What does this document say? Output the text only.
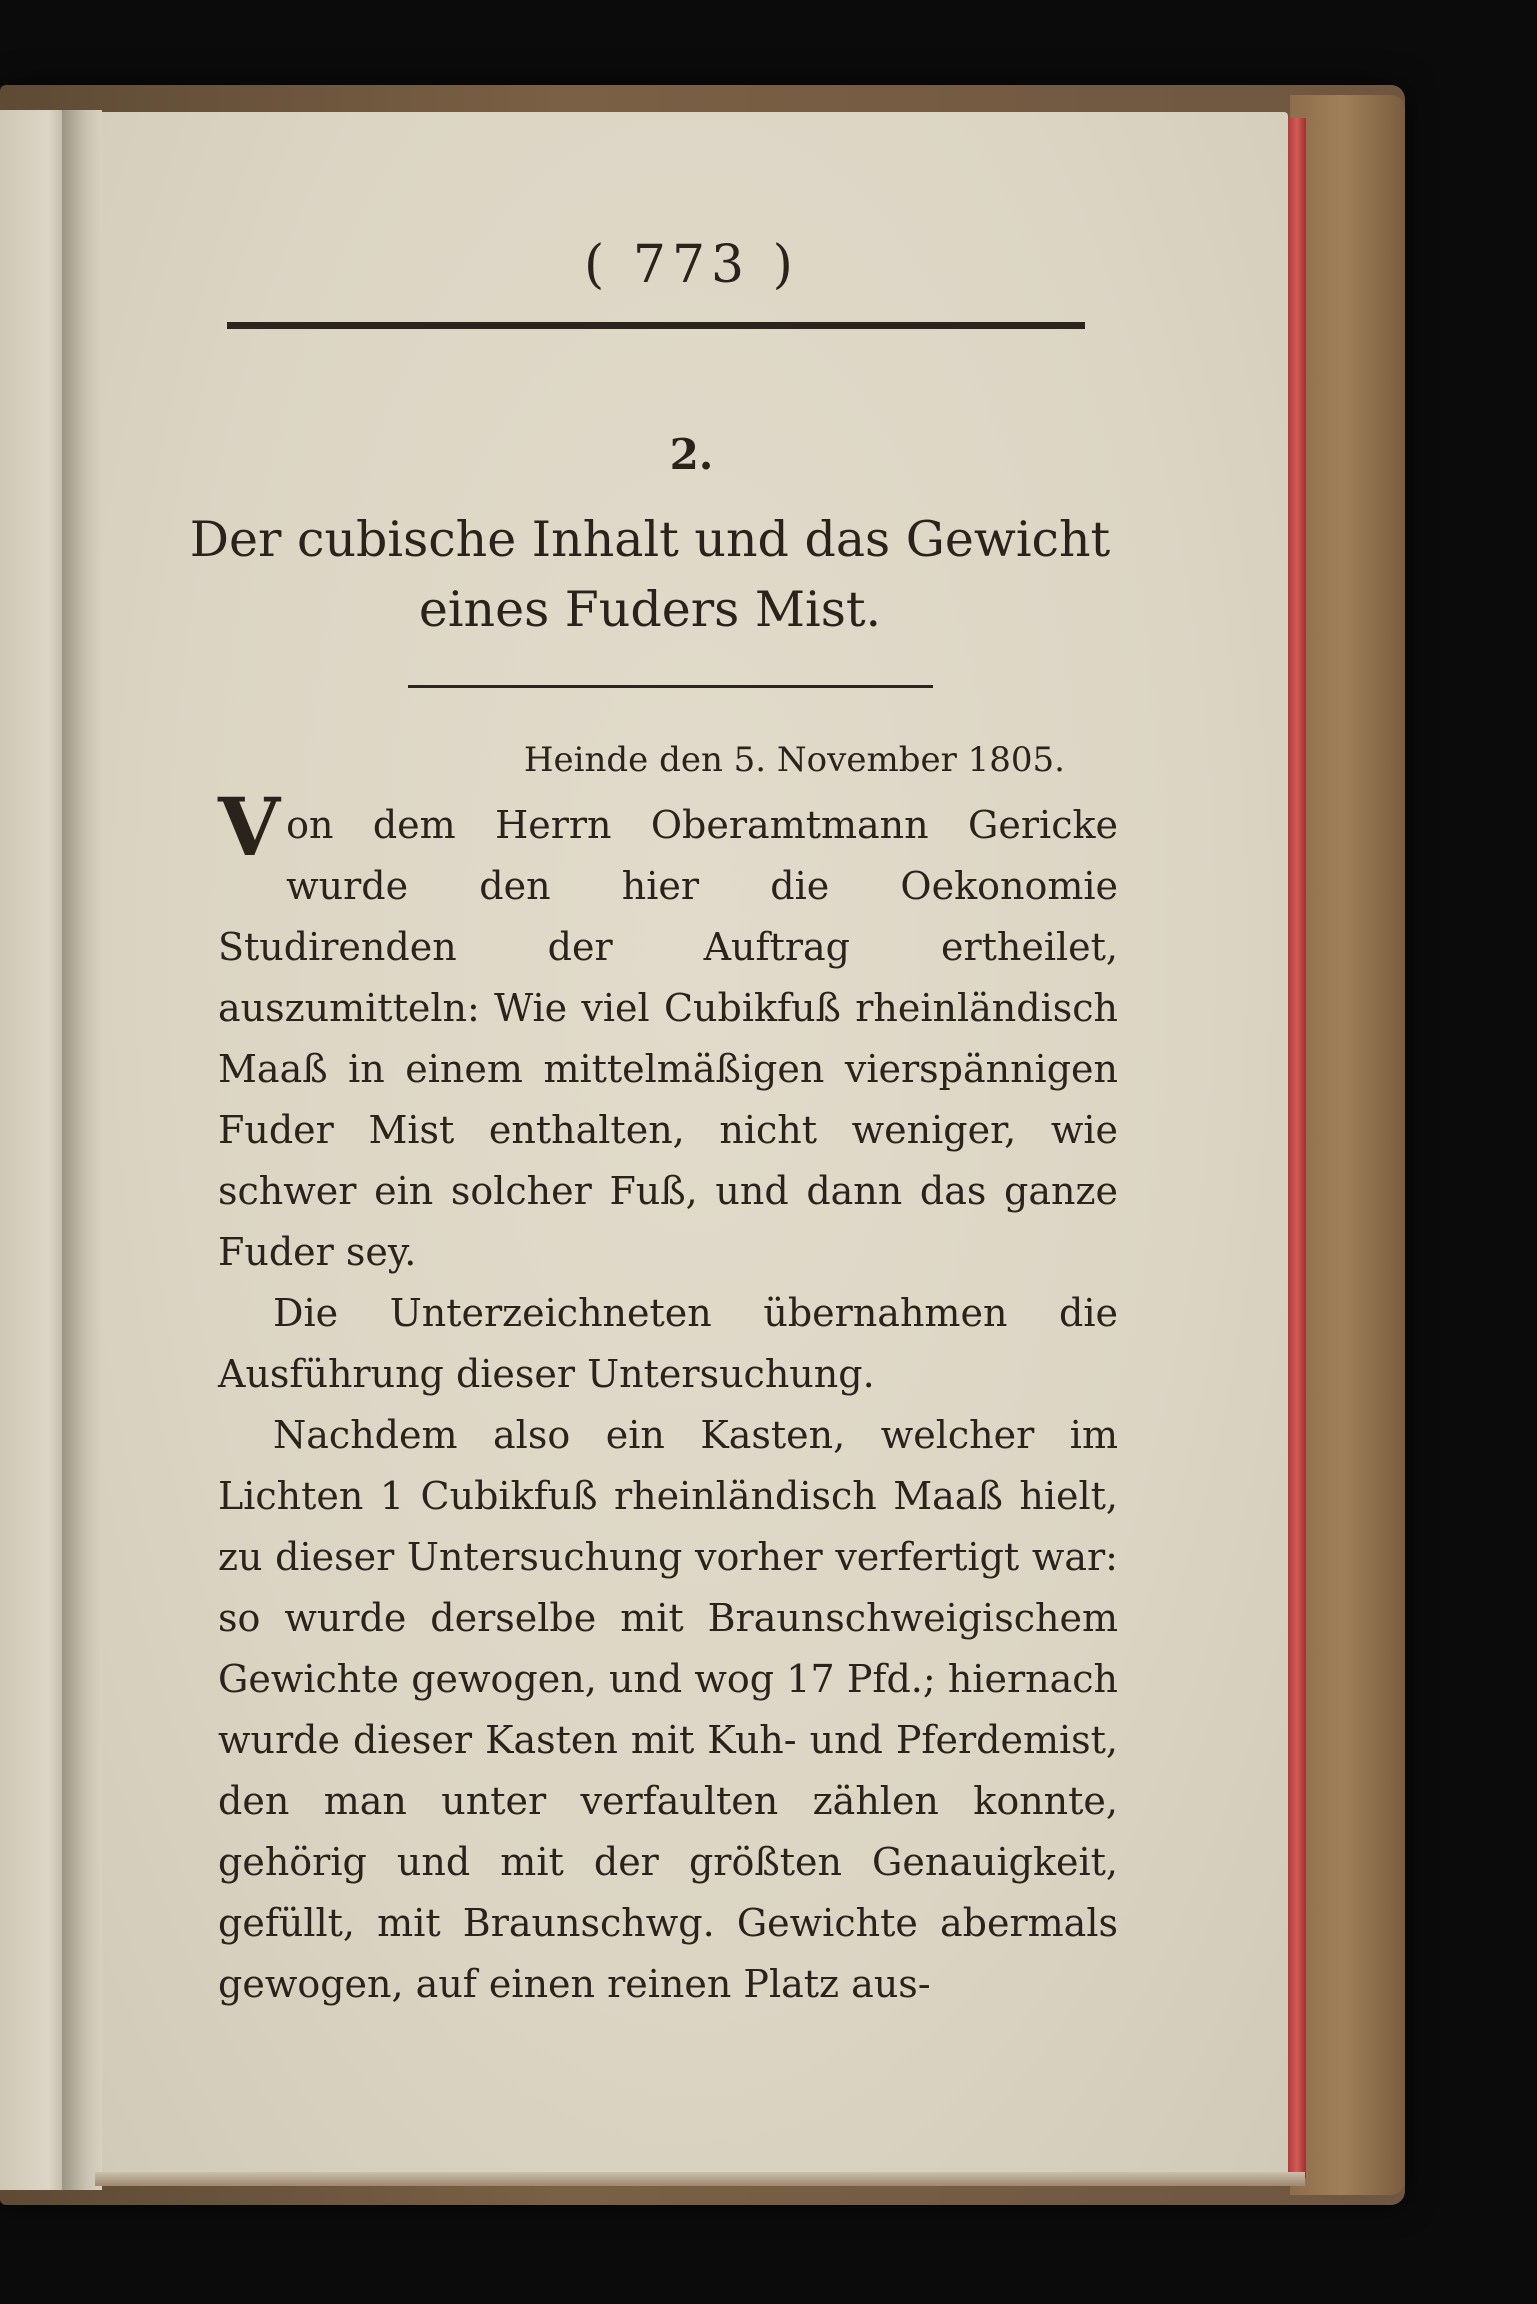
( 773 )
2.
Der cubische Inhalt und das Gewicht eines Fuders Mist.
Heinde den 5. November 1805.

Von dem Herrn Oberamtmann Gericke wurde den hier die Oekonomie Studirenden der Auftrag ertheilet, auszumitteln: Wie viel Cubikfuß rheinländisch Maaß in einem mittelmäßigen vierspännigen Fuder Mist enthalten, nicht weniger, wie schwer ein solcher Fuß, und dann das ganze Fuder sey.

Die Unterzeichneten übernahmen die Ausführung dieser Untersuchung.

Nachdem also ein Kasten, welcher im Lichten 1 Cubikfuß rheinländisch Maaß hielt, zu dieser Untersuchung vorher verfertigt war: so wurde derselbe mit Braunschweigischem Gewichte gewogen, und wog 17 Pfd.; hiernach wurde dieser Kasten mit Kuh- und Pferdemist, den man unter verfaulten zählen konnte, gehörig und mit der größten Genauigkeit, gefüllt, mit Braunschwg. Gewichte abermals gewogen, auf einen reinen Platz aus-
